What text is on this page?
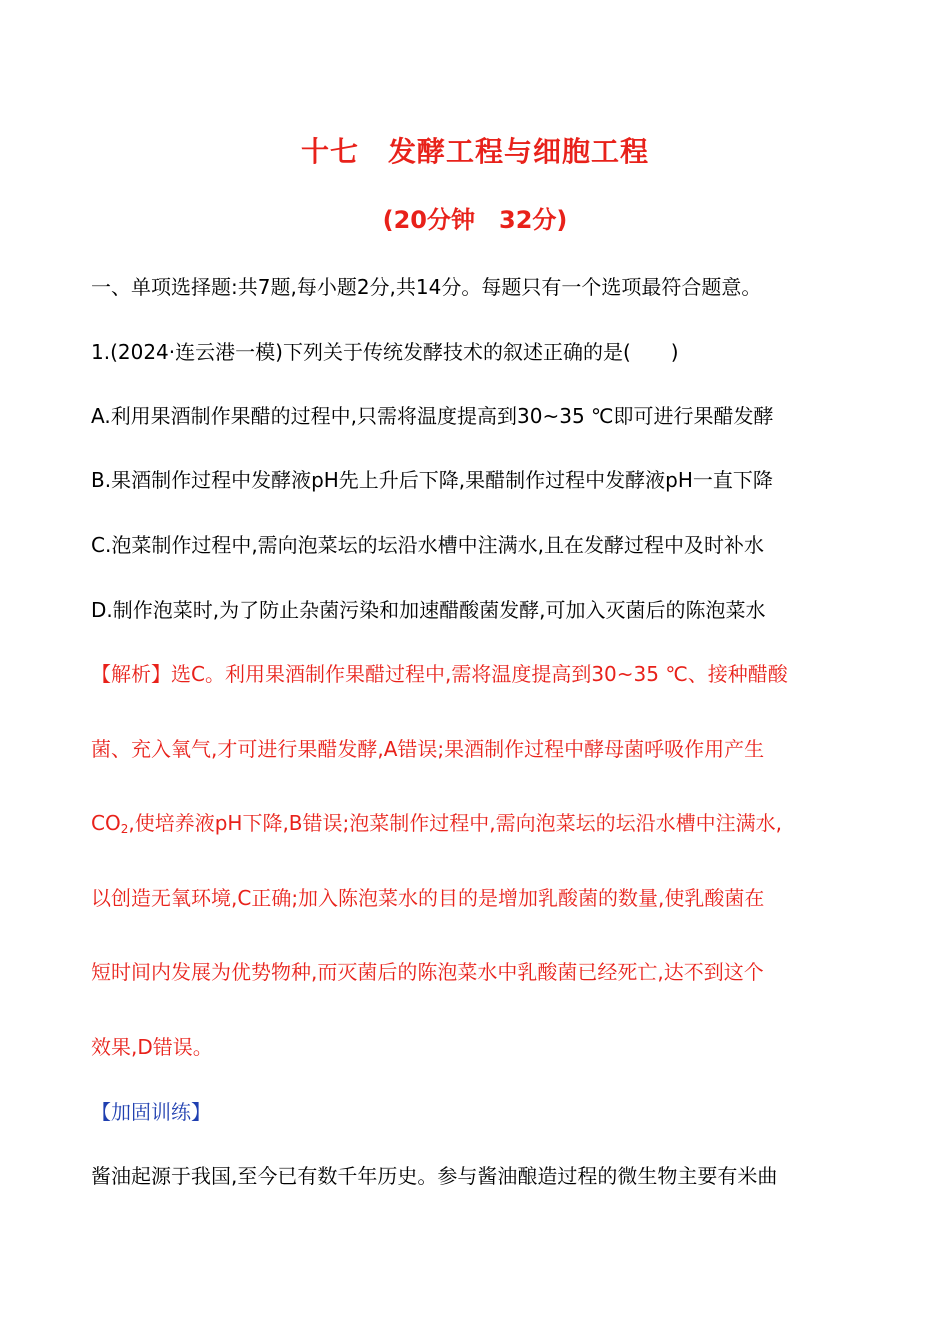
十七　发酵工程与细胞工程
(20分钟　32分)
一、单项选择题:共7题,每小题2分,共14分。每题只有一个选项最符合题意。
1.(2024·连云港一模)下列关于传统发酵技术的叙述正确的是(　　)
A.利用果酒制作果醋的过程中,只需将温度提高到30~35 ℃即可进行果醋发酵
B.果酒制作过程中发酵液pH先上升后下降,果醋制作过程中发酵液pH一直下降
C.泡菜制作过程中,需向泡菜坛的坛沿水槽中注满水,且在发酵过程中及时补水
D.制作泡菜时,为了防止杂菌污染和加速醋酸菌发酵,可加入灭菌后的陈泡菜水
【解析】选C。利用果酒制作果醋过程中,需将温度提高到30~35 ℃、接种醋酸
菌、充入氧气,才可进行果醋发酵,A错误;果酒制作过程中酵母菌呼吸作用产生
$CO_2$,使培养液pH下降,B错误;泡菜制作过程中,需向泡菜坛的坛沿水槽中注满水,
以创造无氧环境,C正确;加入陈泡菜水的目的是增加乳酸菌的数量,使乳酸菌在
短时间内发展为优势物种,而灭菌后的陈泡菜水中乳酸菌已经死亡,达不到这个
效果,D错误。
【加固训练】
酱油起源于我国,至今已有数千年历史。参与酱油酿造过程的微生物主要有米曲
